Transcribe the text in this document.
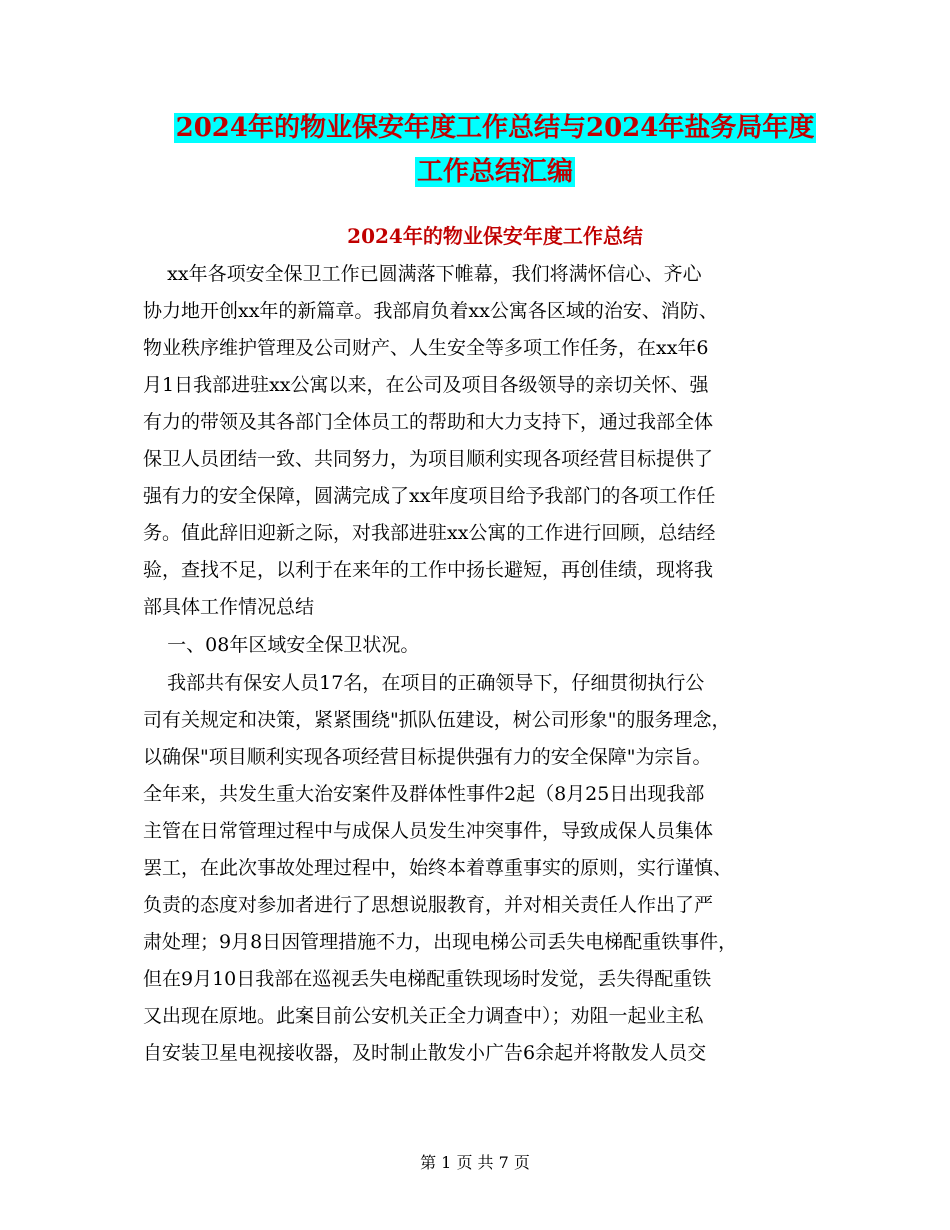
2024年的物业保安年度工作总结与2024年盐务局年度
工作总结汇编
2024年的物业保安年度工作总结
xx年各项安全保卫工作已圆满落下帷幕，我们将满怀信心、齐心
协力地开创xx年的新篇章。我部肩负着xx公寓各区域的治安、消防、
物业秩序维护管理及公司财产、人生安全等多项工作任务，在xx年6
月1日我部进驻xx公寓以来，在公司及项目各级领导的亲切关怀、强
有力的带领及其各部门全体员工的帮助和大力支持下，通过我部全体
保卫人员团结一致、共同努力，为项目顺利实现各项经营目标提供了
强有力的安全保障，圆满完成了xx年度项目给予我部门的各项工作任
务。值此辞旧迎新之际，对我部进驻xx公寓的工作进行回顾，总结经
验，查找不足，以利于在来年的工作中扬长避短，再创佳绩，现将我
部具体工作情况总结
一、08年区域安全保卫状况。
我部共有保安人员17名，在项目的正确领导下，仔细贯彻执行公
司有关规定和决策，紧紧围绕"抓队伍建设，树公司形象"的服务理念，
以确保"项目顺利实现各项经营目标提供强有力的安全保障"为宗旨。
全年来，共发生重大治安案件及群体性事件2起（8月25日出现我部
主管在日常管理过程中与成保人员发生冲突事件，导致成保人员集体
罢工，在此次事故处理过程中，始终本着尊重事实的原则，实行谨慎、
负责的态度对参加者进行了思想说服教育，并对相关责任人作出了严
肃处理；9月8日因管理措施不力，出现电梯公司丢失电梯配重铁事件，
但在9月10日我部在巡视丢失电梯配重铁现场时发觉，丢失得配重铁
又出现在原地。此案目前公安机关正全力调查中）；劝阻一起业主私
自安装卫星电视接收器，及时制止散发小广告6余起并将散发人员交
第 1 页 共 7 页
